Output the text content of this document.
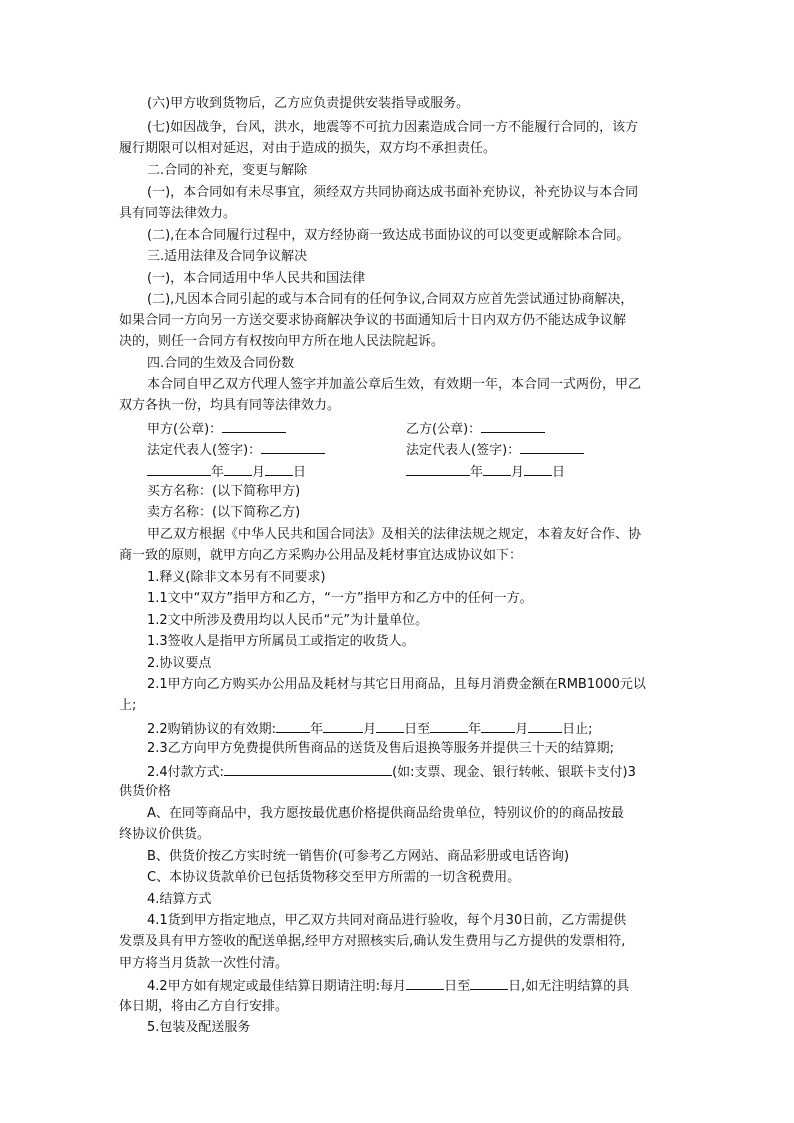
(六)甲方收到货物后，乙方应负责提供安装指导或服务。
(七)如因战争，台风，洪水，地震等不可抗力因素造成合同一方不能履行合同的，该方
履行期限可以相对延迟，对由于造成的损失，双方均不承担责任。
二.合同的补充，变更与解除
(一)，本合同如有未尽事宜，须经双方共同协商达成书面补充协议，补充协议与本合同
具有同等法律效力。
(二),在本合同履行过程中，双方经协商一致达成书面协议的可以变更或解除本合同。
三.适用法律及合同争议解决
(一)，本合同适用中华人民共和国法律
(二),凡因本合同引起的或与本合同有的任何争议,合同双方应首先尝试通过协商解决，
如果合同一方向另一方送交要求协商解决争议的书面通知后十日内双方仍不能达成争议解
决的，则任一合同方有权按向甲方所在地人民法院起诉。
四.合同的生效及合同份数
本合同自甲乙双方代理人签字并加盖公章后生效，有效期一年，本合同一式两份，甲乙
双方各执一份，均具有同等法律效力。
甲方(公章)：	乙方(公章)：
法定代表人(签字)：	法定代表人(签字)：
年 月 日	年 月 日
买方名称：(以下简称甲方)
卖方名称：(以下简称乙方)
甲乙双方根据《中华人民共和国合同法》及相关的法律法规之规定，本着友好合作、协
商一致的原则，就甲方向乙方采购办公用品及耗材事宜达成协议如下：
1.释义(除非文本另有不同要求)
1.1文中“双方”指甲方和乙方，“一方”指甲方和乙方中的任何一方。
1.2文中所涉及费用均以人民币“元”为计量单位。
1.3签收人是指甲方所属员工或指定的收货人。
2.协议要点
2.1甲方向乙方购买办公用品及耗材与其它日用商品，且每月消费金额在RMB1000元以
上;
2.2购销协议的有效期:	年	月 日至	年	月	日止;
2.3乙方向甲方免费提供所售商品的送货及售后退换等服务并提供三十天的结算期;
2.4付款方式:	(如:支票、现金、银行转帐、银联卡支付)3
供货价格
A、在同等商品中，我方愿按最优惠价格提供商品给贵单位，特别议价的的商品按最
终协议价供货。
B、供货价按乙方实时统一销售价(可参考乙方网站、商品彩册或电话咨询)
C、本协议货款单价已包括货物移交至甲方所需的一切含税费用。
4.结算方式
4.1货到甲方指定地点，甲乙双方共同对商品进行验收，每个月30日前，乙方需提供
发票及具有甲方签收的配送单据,经甲方对照核实后,确认发生费用与乙方提供的发票相符,
甲方将当月货款一次性付清。
4.2甲方如有规定或最佳结算日期请注明:每月	日至	日,如无注明结算的具
体日期，将由乙方自行安排。
5.包装及配送服务
